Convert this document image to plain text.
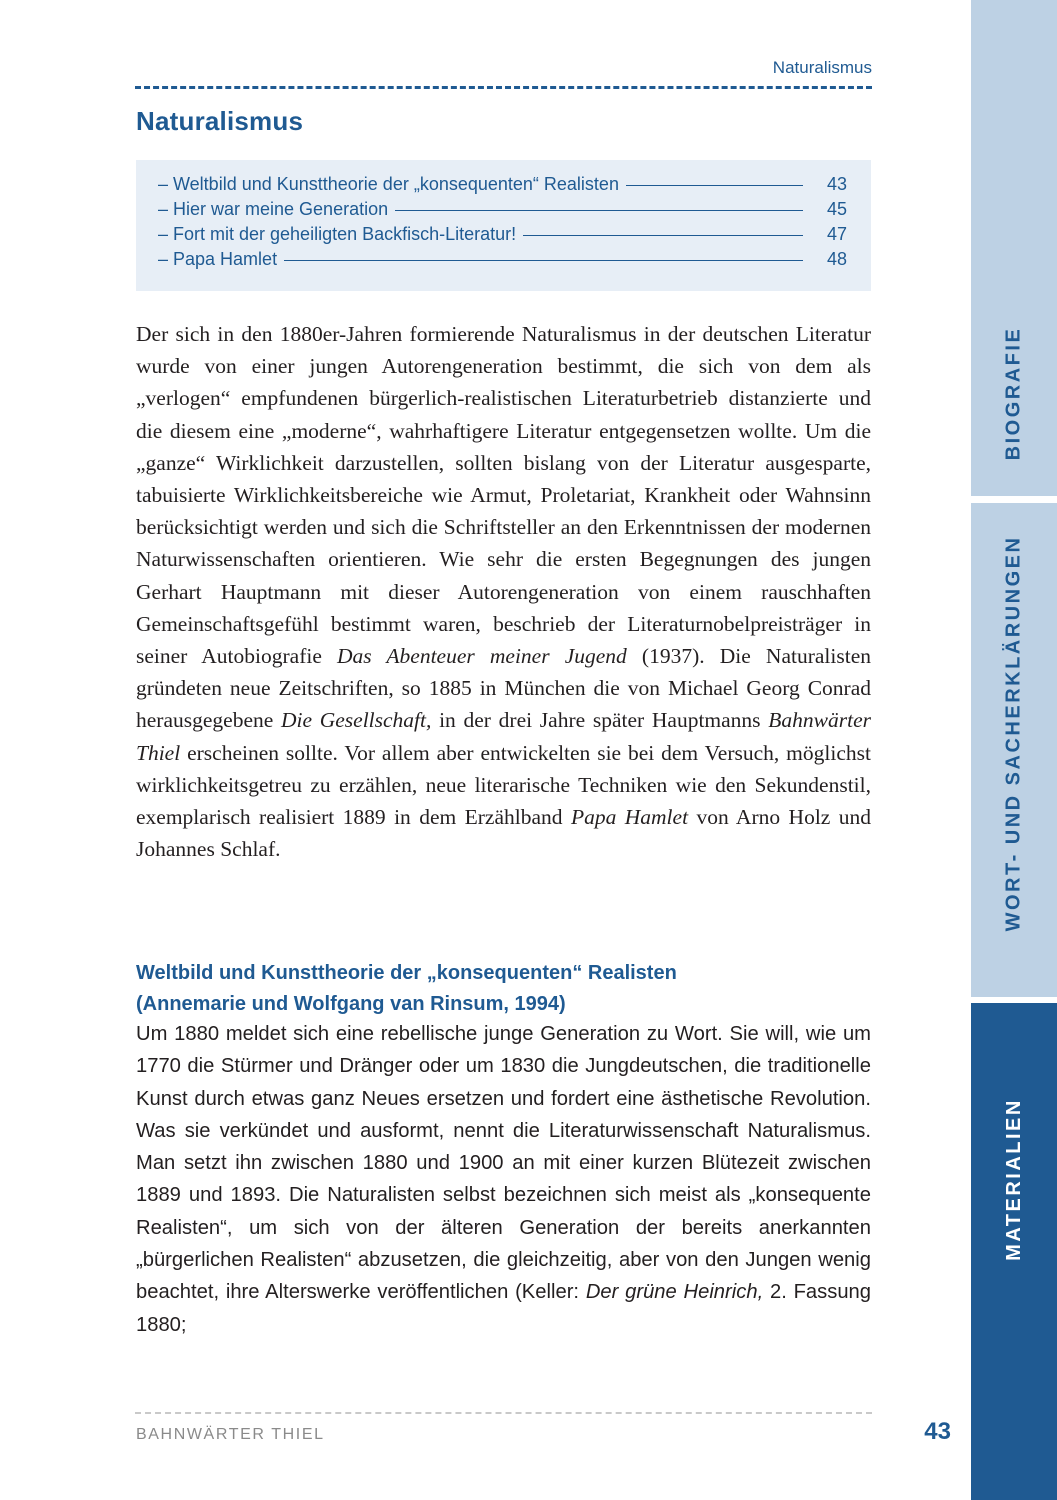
Naturalismus
Naturalismus
– Weltbild und Kunsttheorie der „konsequenten“ Realisten	43
– Hier war meine Generation	45
– Fort mit der geheiligten Backfisch-Literatur!	47
– Papa Hamlet	48

Der sich in den 1880er-Jahren formierende Naturalismus in der deutschen Literatur wurde von einer jungen Autorengeneration bestimmt, die sich von dem als „verlogen“ empfundenen bürgerlich-realistischen Literaturbetrieb distanzierte und die diesem eine „moderne“, wahrhaftigere Literatur entgegensetzen wollte. Um die „ganze“ Wirklichkeit darzustellen, sollten bislang von der Literatur ausgesparte, tabuisierte Wirklichkeitsbereiche wie Armut, Proletariat, Krankheit oder Wahnsinn berücksichtigt werden und sich die Schriftsteller an den Erkenntnissen der modernen Naturwissenschaften orientieren. Wie sehr die ersten Begegnungen des jungen Gerhart Hauptmann mit dieser Autorengeneration von einem rauschhaften Gemeinschaftsgefühl bestimmt waren, beschrieb der Literaturnobelpreisträger in seiner Autobiografie Das Abenteuer meiner Jugend (1937). Die Naturalisten gründeten neue Zeitschriften, so 1885 in München die von Michael Georg Conrad herausgegebene Die Gesellschaft, in der drei Jahre später Hauptmanns Bahnwärter Thiel erscheinen sollte. Vor allem aber entwickelten sie bei dem Versuch, möglichst wirklichkeitsgetreu zu erzählen, neue literarische Techniken wie den Sekundenstil, exemplarisch realisiert 1889 in dem Erzählband Papa Hamlet von Arno Holz und Johannes Schlaf.

Weltbild und Kunsttheorie der „konsequenten“ Realisten
(Annemarie und Wolfgang van Rinsum, 1994)

Um 1880 meldet sich eine rebellische junge Generation zu Wort. Sie will, wie um 1770 die Stürmer und Dränger oder um 1830 die Jungdeutschen, die traditionelle Kunst durch etwas ganz Neues ersetzen und fordert eine ästhetische Revolution. Was sie verkündet und ausformt, nennt die Literaturwissenschaft Naturalismus. Man setzt ihn zwischen 1880 und 1900 an mit einer kurzen Blütezeit zwischen 1889 und 1893. Die Naturalisten selbst bezeichnen sich meist als „konsequente Realisten“, um sich von der älteren Generation der bereits anerkannten „bürgerlichen Realisten“ abzusetzen, die gleichzeitig, aber von den Jungen wenig beachtet, ihre Alterswerke veröffentlichen (Keller: Der grüne Heinrich, 2. Fassung 1880;

BAHNWÄRTER THIEL	43
BIOGRAFIE
WORT- UND SACHERKLÄRUNGEN
MATERIALIEN
